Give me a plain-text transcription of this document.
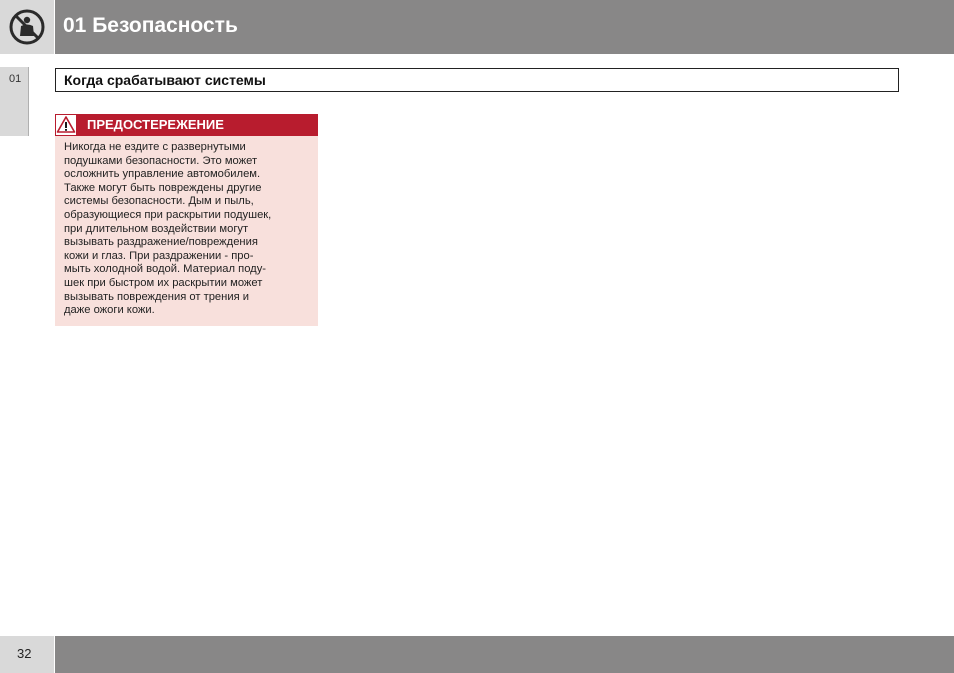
01 Безопасность
01	Когда срабатывают системы
ПРЕДОСТЕРЕЖЕНИЕ

Никогда не ездите с развернутыми
подушками безопасности. Это может
осложнить управление автомобилем.
Также могут быть повреждены другие
системы безопасности. Дым и пыль,
образующиеся при раскрытии подушек,
при длительном воздействии могут
вызывать раздражение/повреждения
кожи и глаз. При раздражении - про-
мыть холодной водой. Материал поду-
шек при быстром их раскрытии может
вызывать повреждения от трения и
даже ожоги кожи.

32
